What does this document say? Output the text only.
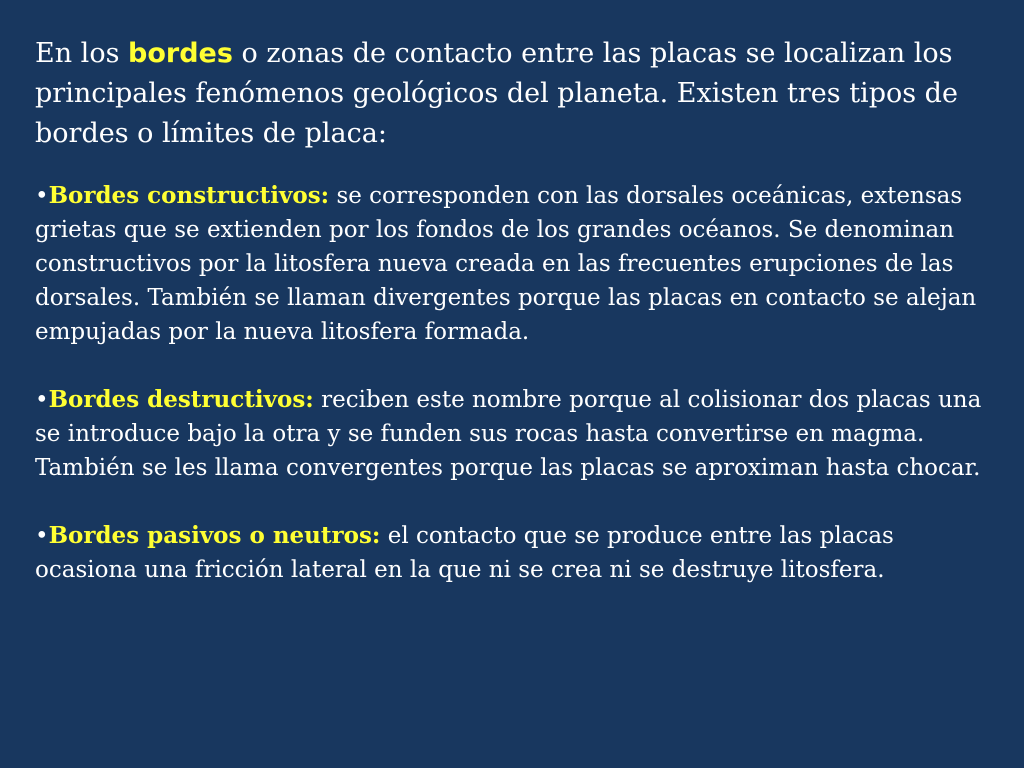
En los bordes o zonas de contacto entre las placas se localizan los principales fenómenos geológicos del planeta. Existen tres tipos de bordes o límites de placa:

•Bordes constructivos: se corresponden con las dorsales oceánicas, extensas grietas que se extienden por los fondos de los grandes océanos. Se denominan constructivos por la litosfera nueva creada en las frecuentes erupciones de las dorsales. También se llaman divergentes porque las placas en contacto se alejan empujadas por la nueva litosfera formada.

•Bordes destructivos: reciben este nombre porque al colisionar dos placas una se introduce bajo la otra y se funden sus rocas hasta convertirse en magma. También se les llama convergentes porque las placas se aproximan hasta chocar.

•Bordes pasivos o neutros: el contacto que se produce entre las placas ocasiona una fricción lateral en la que ni se crea ni se destruye litosfera.
